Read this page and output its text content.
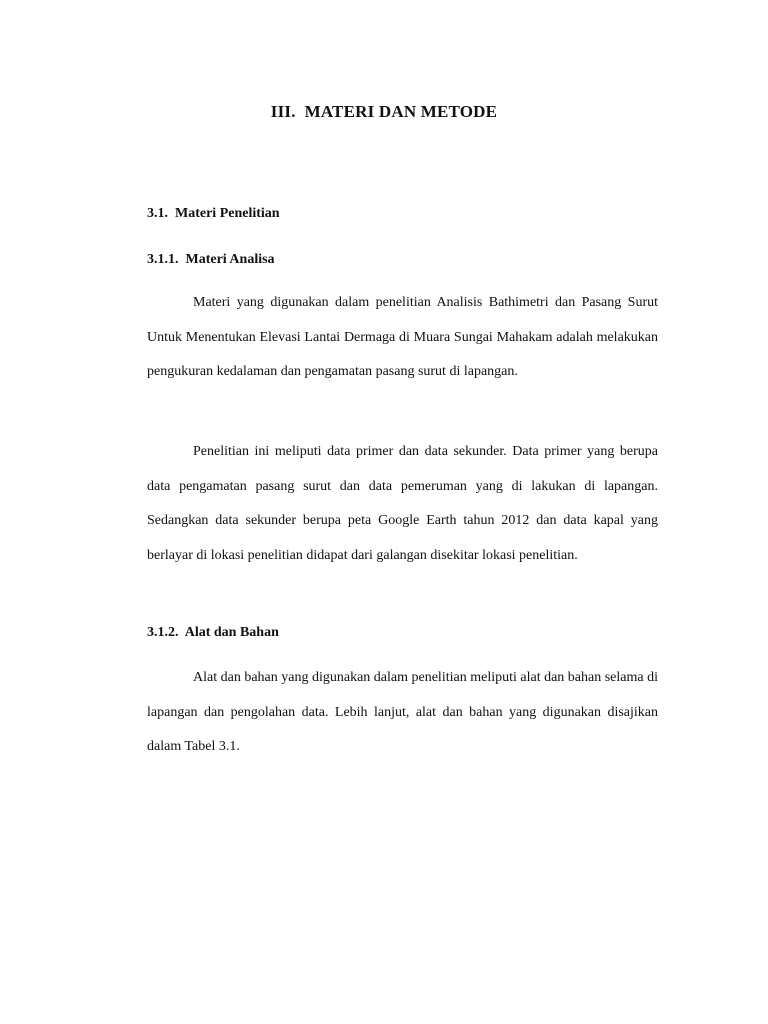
III.  MATERI DAN METODE
3.1.  Materi Penelitian
3.1.1.  Materi Analisa

Materi yang digunakan dalam penelitian Analisis Bathimetri dan Pasang Surut Untuk Menentukan Elevasi Lantai Dermaga di Muara Sungai Mahakam adalah melakukan pengukuran kedalaman dan pengamatan pasang surut di lapangan.

Penelitian ini meliputi data primer dan data sekunder. Data primer yang berupa data pengamatan pasang surut dan data pemeruman yang di lakukan di lapangan. Sedangkan data sekunder berupa peta Google Earth tahun 2012 dan data kapal yang berlayar di lokasi penelitian didapat dari galangan disekitar lokasi penelitian.

3.1.2.  Alat dan Bahan

Alat dan bahan yang digunakan dalam penelitian meliputi alat dan bahan selama di lapangan dan pengolahan data. Lebih lanjut, alat dan bahan yang digunakan disajikan dalam Tabel 3.1.
